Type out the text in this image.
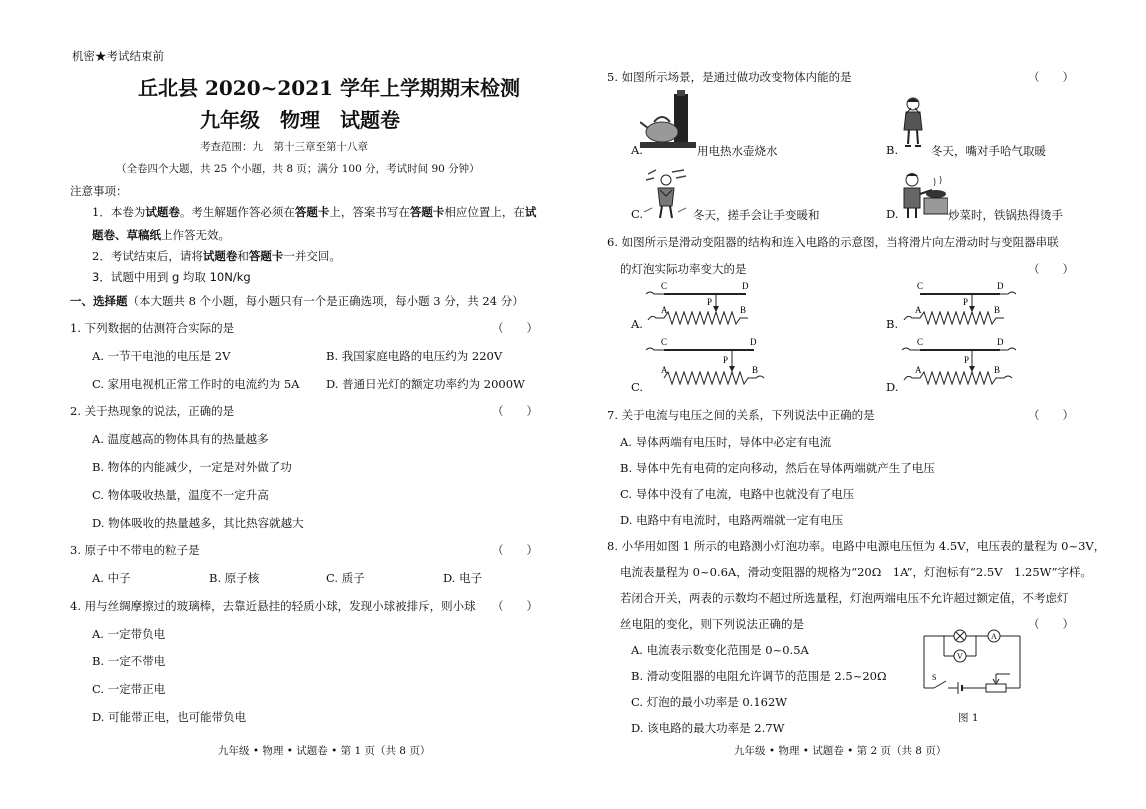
机密★考试结束前
丘北县 2020~2021 学年上学期期末检测
九年级　物理　试题卷
考查范围：九　第十三章至第十八章
（全卷四个大题，共 25 个小题，共 8 页；满分 100 分，考试时间 90 分钟）
注意事项：
1．本卷为试题卷。考生解题作答必须在答题卡上，答案书写在答题卡相应位置上，在试
题卷、草稿纸上作答无效。
2．考试结束后，请将试题卷和答题卡一并交回。
3．试题中用到 g 均取 10N/kg
一、选择题（本大题共 8 个小题，每小题只有一个是正确选项，每小题 3 分，共 24 分）
1. 下列数据的估测符合实际的是	（　　）
A. 一节干电池的电压是 2V	B. 我国家庭电路的电压约为 220V
C. 家用电视机正常工作时的电流约为 5A D. 普通日光灯的额定功率约为 2000W
2. 关于热现象的说法，正确的是	（　　）
A. 温度越高的物体具有的热量越多
B. 物体的内能减少，一定是对外做了功
C. 物体吸收热量，温度不一定升高
D. 物体吸收的热量越多，其比热容就越大
3. 原子中不带电的粒子是	（　　）
A. 中子	B. 原子核	C. 质子	D. 电子
4. 用与丝绸摩擦过的玻璃棒，去靠近悬挂的轻质小球，发现小球被排斥，则小球 （　　）
A. 一定带负电
B. 一定不带电
C. 一定带正电
D. 可能带正电，也可能带负电
九年级 • 物理 • 试题卷 • 第 1 页（共 8 页）
5. 如图所示场景，是通过做功改变物体内能的是	（　　）
A.	用电热水壶烧水	B.	冬天，嘴对手哈气取暖
C.	冬天，搓手会让手变暖和	D.	炒菜时，铁锅热得烫手
6. 如图所示是滑动变阻器的结构和连入电路的示意图，当将滑片向左滑动时与变阻器串联
的灯泡实际功率变大的是	（　　）
C	D
P
A	B
A.
C	D
P
A	B
B.
C	D
P
A	B
C.
C	D
P
A	B
D.
7. 关于电流与电压之间的关系，下列说法中正确的是	（　　）
A. 导体两端有电压时，导体中必定有电流
B. 导体中先有电荷的定向移动，然后在导体两端就产生了电压
C. 导体中没有了电流，电路中也就没有了电压
D. 电路中有电流时，电路两端就一定有电压
8. 小华用如图 1 所示的电路测小灯泡功率。电路中电源电压恒为 4.5V，电压表的量程为 0~3V，
电流表量程为 0~0.6A，滑动变阻器的规格为“20Ω　1A”，灯泡标有“2.5V　1.25W”字样。
若闭合开关，两表的示数均不超过所选量程，灯泡两端电压不允许超过额定值，不考虑灯
丝电阻的变化，则下列说法正确的是	（　　）
A. 电流表示数变化范围是 0~0.5A
B. 滑动变阻器的电阻允许调节的范围是 2.5~20Ω
C. 灯泡的最小功率是 0.162W
D. 该电路的最大功率是 2.7W
A
V
S
图 1
九年级 • 物理 • 试题卷 • 第 2 页（共 8 页）
